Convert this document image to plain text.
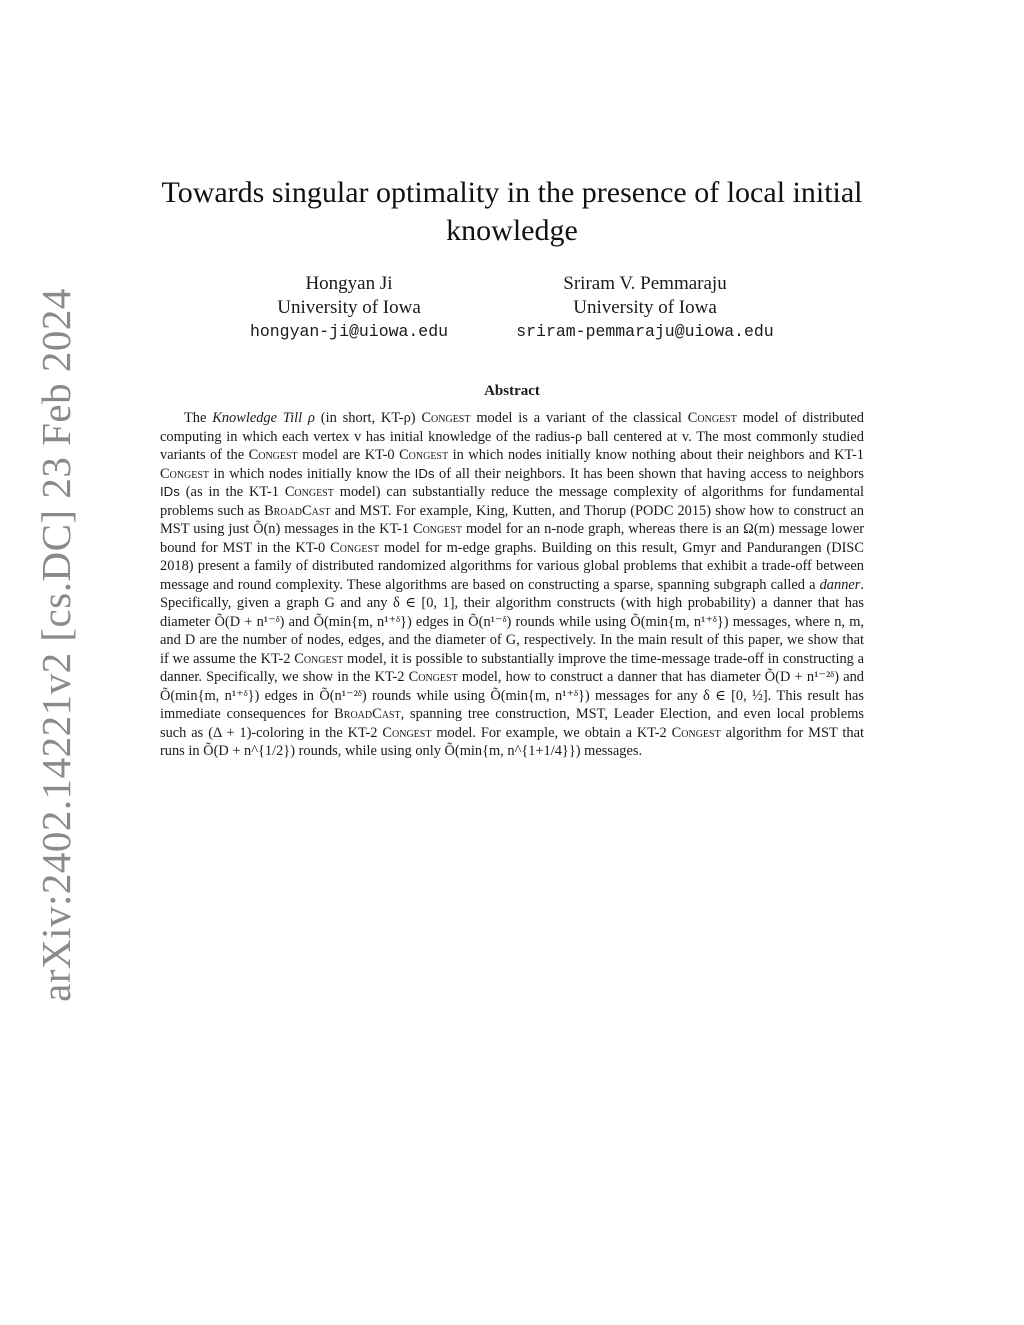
arXiv:2402.14221v2 [cs.DC] 23 Feb 2024
Towards singular optimality in the presence of local initial
knowledge
Hongyan Ji
University of Iowa
hongyan-ji@uiowa.edu
Sriram V. Pemmaraju
University of Iowa
sriram-pemmaraju@uiowa.edu
Abstract
The Knowledge Till ρ (in short, KT-ρ) Congest model is a variant of the classical Congest model of distributed computing in which each vertex v has initial knowledge of the radius-ρ ball centered at v. The most commonly studied variants of the Congest model are KT-0 Congest in which nodes initially know nothing about their neighbors and KT-1 Congest in which nodes initially know the IDs of all their neighbors. It has been shown that having access to neighbors IDs (as in the KT-1 Congest model) can substantially reduce the message complexity of algorithms for fundamental problems such as BroadCast and MST. For example, King, Kutten, and Thorup (PODC 2015) show how to construct an MST using just Õ(n) messages in the KT-1 Congest model for an n-node graph, whereas there is an Ω(m) message lower bound for MST in the KT-0 Congest model for m-edge graphs. Building on this result, Gmyr and Pandurangen (DISC 2018) present a family of distributed randomized algorithms for various global problems that exhibit a trade-off between message and round complexity. These algorithms are based on constructing a sparse, spanning subgraph called a danner. Specifically, given a graph G and any δ ∈ [0, 1], their algorithm constructs (with high probability) a danner that has diameter Õ(D + n¹⁻ᵟ) and Õ(min{m, n¹⁺ᵟ}) edges in Õ(n¹⁻ᵟ) rounds while using Õ(min{m, n¹⁺ᵟ}) messages, where n, m, and D are the number of nodes, edges, and the diameter of G, respectively. In the main result of this paper, we show that if we assume the KT-2 Congest model, it is possible to substantially improve the time-message trade-off in constructing a danner. Specifically, we show in the KT-2 Congest model, how to construct a danner that has diameter Õ(D + n¹⁻²ᵟ) and Õ(min{m, n¹⁺ᵟ}) edges in Õ(n¹⁻²ᵟ) rounds while using Õ(min{m, n¹⁺ᵟ}) messages for any δ ∈ [0, ½]. This result has immediate consequences for BroadCast, spanning tree construction, MST, Leader Election, and even local problems such as (Δ + 1)-coloring in the KT-2 Congest model. For example, we obtain a KT-2 Congest algorithm for MST that runs in Õ(D + n^{1/2}) rounds, while using only Õ(min{m, n^{1+1/4}}) messages.
